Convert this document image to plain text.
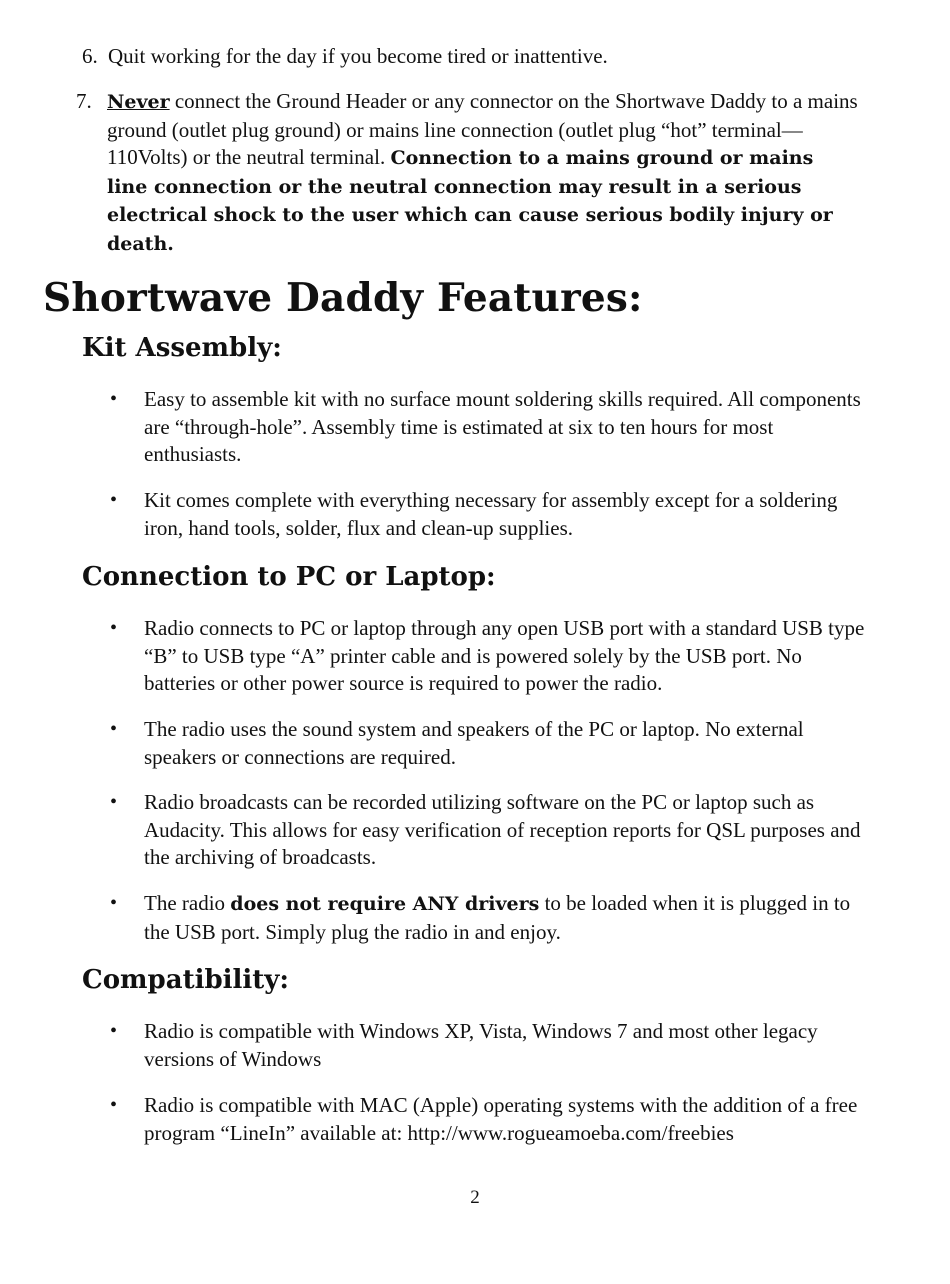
6. Quit working for the day if you become tired or inattentive.
7. Never connect the Ground Header or any connector on the Shortwave Daddy to a mains ground (outlet plug ground) or mains line connection (outlet plug “hot” terminal—110Volts) or the neutral terminal. Connection to a mains ground or mains line connection or the neutral connection may result in a serious electrical shock to the user which can cause serious bodily injury or death.
Shortwave Daddy Features:
Kit Assembly:
• Easy to assemble kit with no surface mount soldering skills required. All components are “through-hole”. Assembly time is estimated at six to ten hours for most enthusiasts.
• Kit comes complete with everything necessary for assembly except for a soldering iron, hand tools, solder, flux and clean-up supplies.
Connection to PC or Laptop:
• Radio connects to PC or laptop through any open USB port with a standard USB type “B” to USB type “A” printer cable and is powered solely by the USB port. No batteries or other power source is required to power the radio.
• The radio uses the sound system and speakers of the PC or laptop. No external speakers or connections are required.
• Radio broadcasts can be recorded utilizing software on the PC or laptop such as Audacity. This allows for easy verification of reception reports for QSL purposes and the archiving of broadcasts.
• The radio does not require ANY drivers to be loaded when it is plugged in to the USB port. Simply plug the radio in and enjoy.
Compatibility:
• Radio is compatible with Windows XP, Vista, Windows 7 and most other legacy versions of Windows
• Radio is compatible with MAC (Apple) operating systems with the addition of a free program “LineIn” available at: http://www.rogueamoeba.com/freebies
2
